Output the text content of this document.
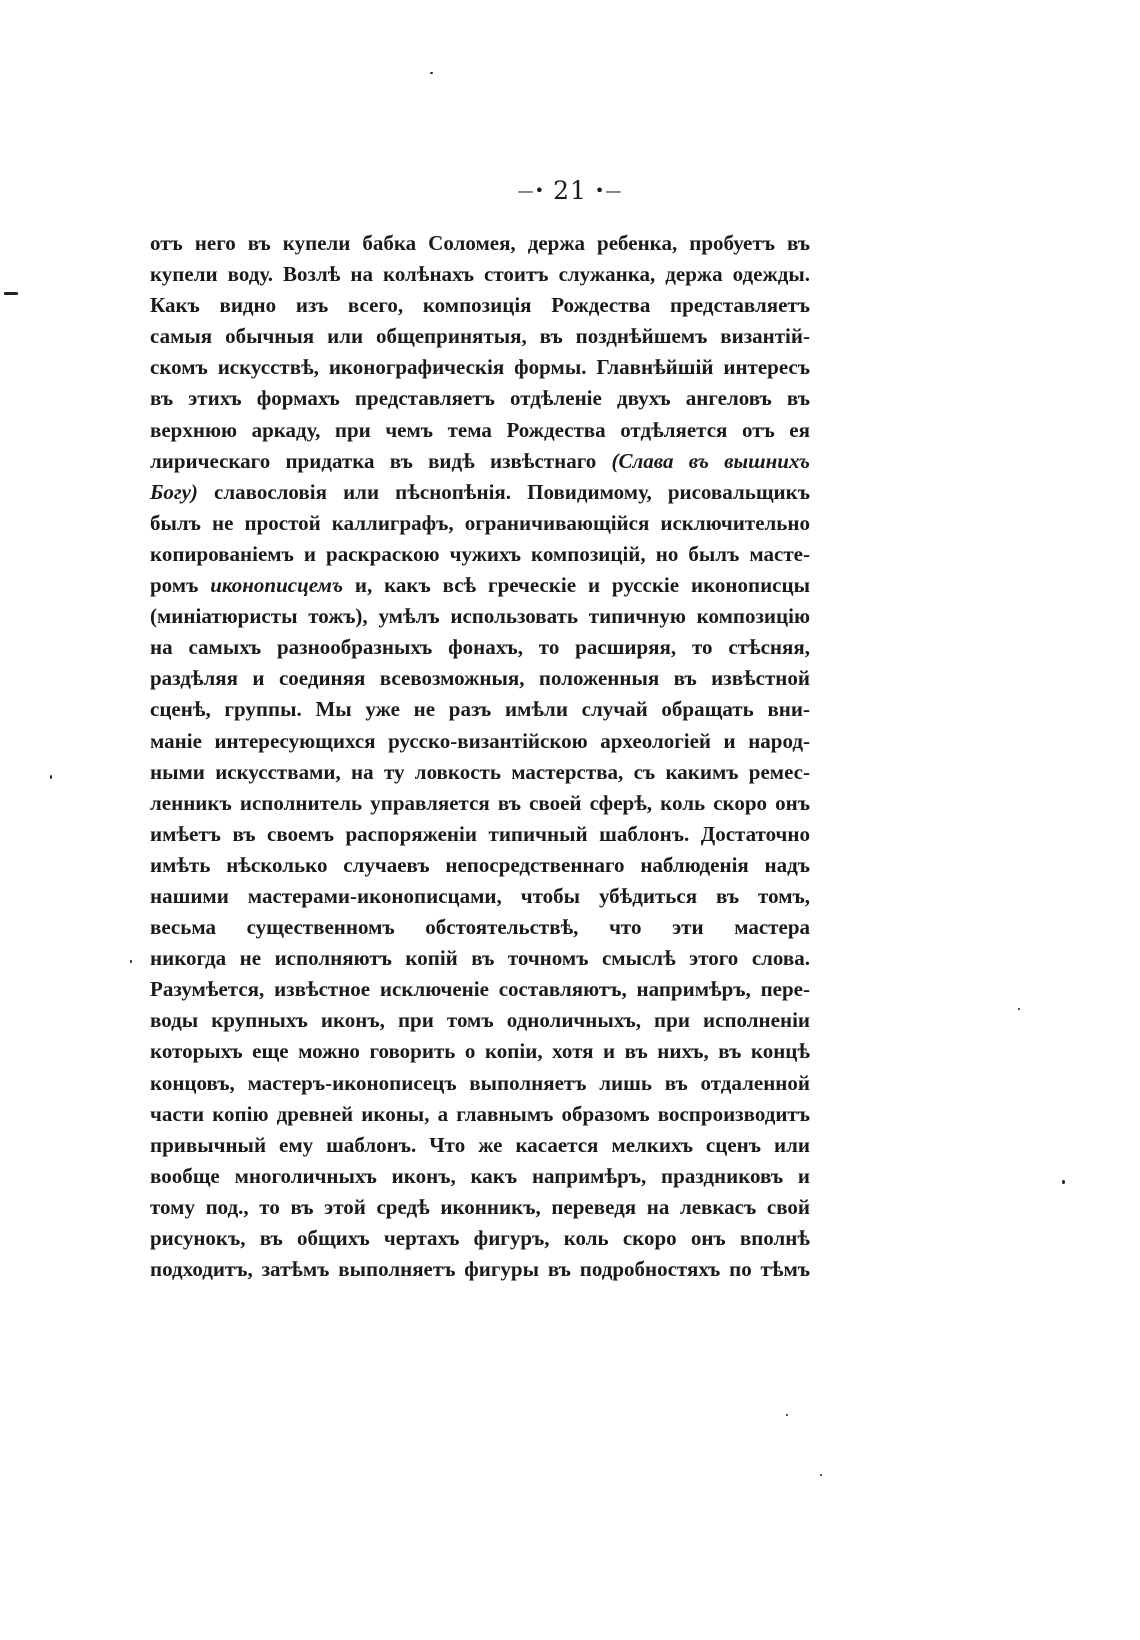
—• 21 •—
отъ него въ купели бабка Соломея, держа ребенка, пробуетъ въ
купели воду. Возлѣ на колѣнахъ стоитъ служанка, держа одежды.
Какъ видно изъ всего, композиція Рождества представляетъ
самыя обычныя или общепринятыя, въ позднѣйшемъ византій-
скомъ искусствѣ, иконографическія формы. Главнѣйшій интересъ
въ этихъ формахъ представляетъ отдѣленіе двухъ ангеловъ въ
верхнюю аркаду, при чемъ тема Рождества отдѣляется отъ ея
лирическаго придатка въ видѣ извѣстнаго (Слава въ вышнихъ
Богу) славословія или пѣснопѣнія. Повидимому, рисовальщикъ
былъ не простой каллиграфъ, ограничивающійся исключительно
копированіемъ и раскраскою чужихъ композицій, но былъ масте-
ромъ иконописцемъ и, какъ всѣ греческіе и русскіе иконописцы
(миніатюристы тожъ), умѣлъ использовать типичную композицію
на самыхъ разнообразныхъ фонахъ, то расширяя, то стѣсняя,
раздѣляя и соединяя всевозможныя, положенныя въ извѣстной
сценѣ, группы. Мы уже не разъ имѣли случай обращать вни-
маніе интересующихся русско-византійскою археологіей и народ-
ными искусствами, на ту ловкость мастерства, съ какимъ ремес-
ленникъ исполнитель управляется въ своей сферѣ, коль скоро онъ
имѣетъ въ своемъ распоряженіи типичный шаблонъ. Достаточно
имѣть нѣсколько случаевъ непосредственнаго наблюденія надъ
нашими мастерами-иконописцами, чтобы убѣдиться въ томъ,
весьма существенномъ обстоятельствѣ, что эти мастера
никогда не исполняютъ копій въ точномъ смыслѣ этого слова.
Разумѣется, извѣстное исключеніе составляютъ, напримѣръ, пере-
воды крупныхъ иконъ, при томъ одноличныхъ, при исполненіи
которыхъ еще можно говорить о копіи, хотя и въ нихъ, въ концѣ
концовъ, мастеръ-иконописецъ выполняетъ лишь въ отдаленной
части копію древней иконы, а главнымъ образомъ воспроизводитъ
привычный ему шаблонъ. Что же касается мелкихъ сценъ или
вообще многоличныхъ иконъ, какъ напримѣръ, праздниковъ и
тому под., то въ этой средѣ иконникъ, переведя на левкасъ свой
рисунокъ, въ общихъ чертахъ фигуръ, коль скоро онъ вполнѣ
подходитъ, затѣмъ выполняетъ фигуры въ подробностяхъ по тѣмъ
